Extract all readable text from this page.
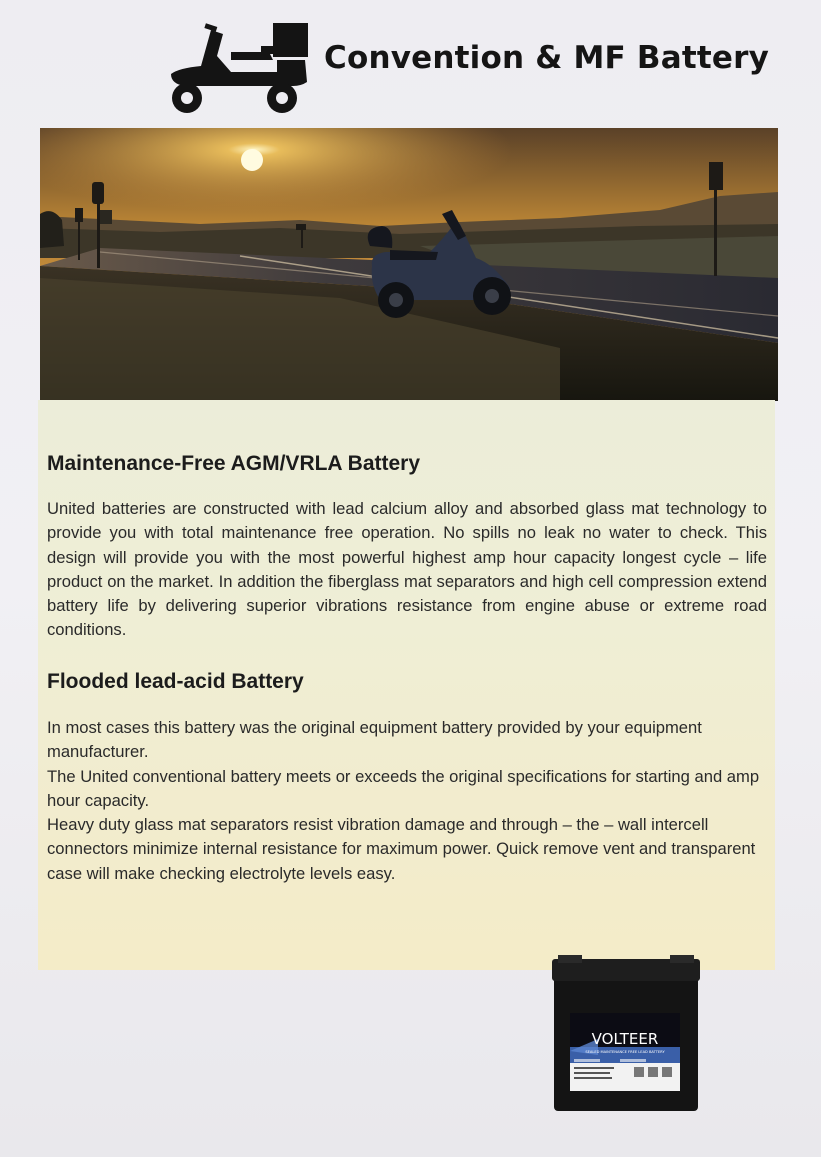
Convention & MF Battery
Maintenance-Free AGM/VRLA Battery

United batteries are constructed with lead calcium alloy and absorbed glass mat technology to provide you with total maintenance free operation. No spills no leak no water to check. This design will provide you with the most powerful highest amp hour capacity longest cycle – life product on the market. In addition the fiberglass mat separators and high cell compression extend battery life by delivering superior vibrations resistance from engine abuse or extreme road conditions.

Flooded lead-acid Battery

In most cases this battery was the original equipment battery provided by your equipment manufacturer.

The United conventional battery meets or exceeds the original specifications for starting and amp hour capacity.

Heavy duty glass mat separators resist vibration damage and through – the – wall intercell connectors minimize internal resistance for maximum power. Quick remove vent and transparent case will make checking electrolyte levels easy.

VOLTEER
SEALED MAINTENANCE FREE LEAD BATTERY
